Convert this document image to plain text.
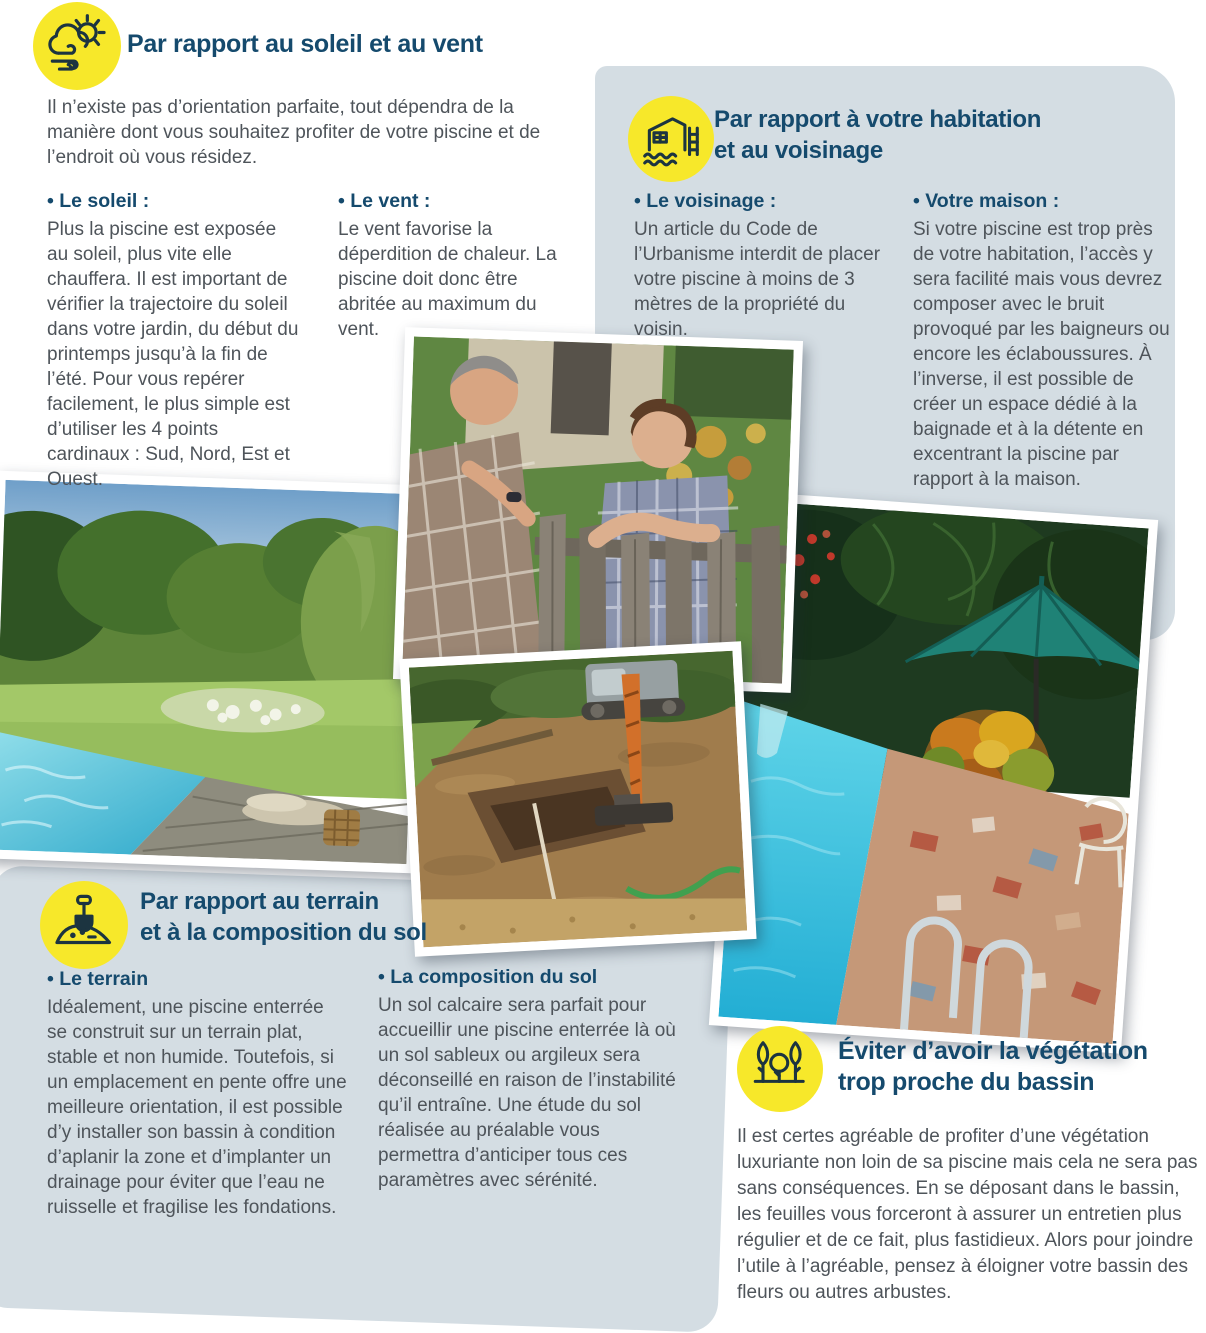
Par rapport au soleil et au vent
Il n’existe pas d’orientation parfaite, tout dépendra de la manière dont vous souhaitez profiter de votre piscine et de l’endroit où vous résidez.
• Le soleil :
Plus la piscine est exposée au soleil, plus vite elle chauffera. Il est important de vérifier la trajectoire du soleil dans votre jardin, du début du printemps jusqu’à la fin de l’été. Pour vous repérer facilement, le plus simple est d’utiliser les 4 points cardinaux : Sud, Nord, Est et Ouest.
• Le vent :
Le vent favorise la déperdition de chaleur. La piscine doit donc être abritée au maximum du vent.
Par rapport à votre habitation
et au voisinage
• Le voisinage :
Un article du Code de l’Urbanisme interdit de placer votre piscine à moins de 3 mètres de la propriété du voisin.
• Votre maison :
Si votre piscine est trop près de votre habitation, l’accès y sera facilité mais vous devrez composer avec le bruit provoqué par les baigneurs ou encore les éclaboussures. À l’inverse, il est possible de créer un espace dédié à la baignade et à la détente en excentrant la piscine par rapport à la maison.
Par rapport au terrain
et à la composition du sol
• Le terrain
Idéalement, une piscine enterrée se construit sur un terrain plat, stable et non humide. Toutefois, si un emplacement en pente offre une meilleure orientation, il est possible d’y installer son bassin à condition d’aplanir la zone et d’implanter un drainage pour éviter que l’eau ne ruisselle et fragilise les fondations.
• La composition du sol
Un sol calcaire sera parfait pour accueillir une piscine enterrée là où un sol sableux ou argileux sera déconseillé en raison de l’instabilité qu’il entraîne. Une étude du sol réalisée au préalable vous permettra d’anticiper tous ces paramètres avec sérénité.
Éviter d’avoir la végétation
trop proche du bassin
Il est certes agréable de profiter d’une végétation luxuriante non loin de sa piscine mais cela ne sera pas sans conséquences. En se déposant dans le bassin, les feuilles vous forceront à assurer un entretien plus régulier et de ce fait, plus fastidieux. Alors pour joindre l’utile à l’agréable, pensez à éloigner votre bassin des fleurs ou autres arbustes.
